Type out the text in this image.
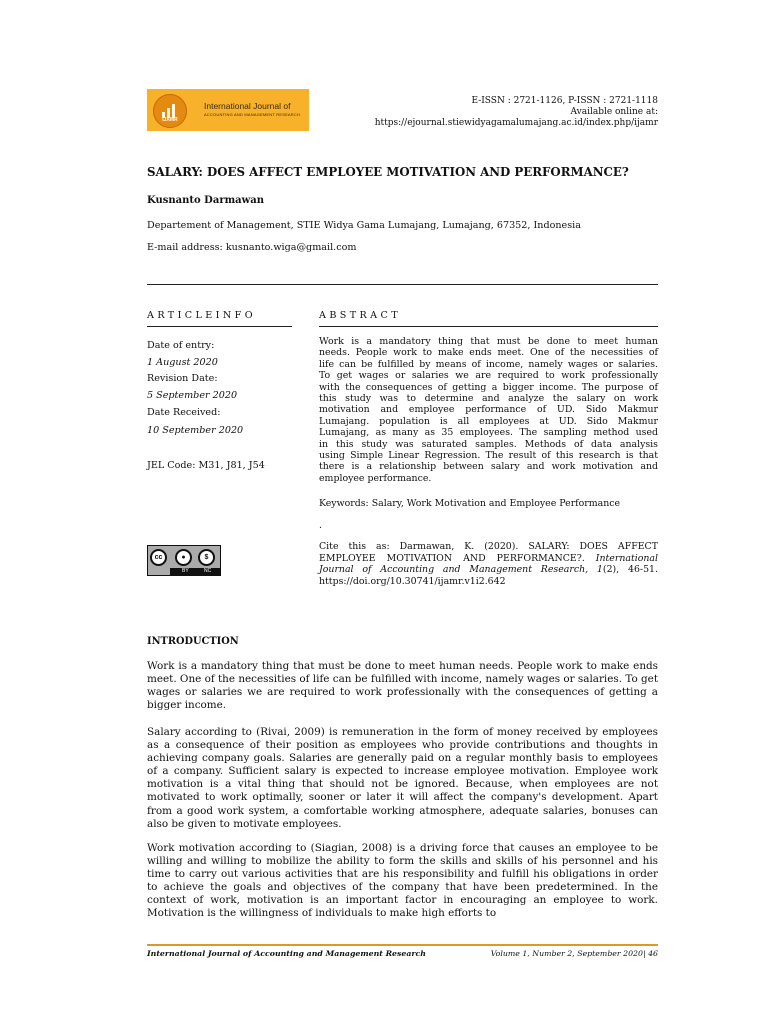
IJAMR
International Journal of
ACCOUNTING AND MANAGEMENT RESEARCH
E-ISSN : 2721-1126, P-ISSN : 2721-1118
Available online at:
https://ejournal.stiewidyagamalumajang.ac.id/index.php/ijamr
SALARY: DOES AFFECT EMPLOYEE MOTIVATION AND PERFORMANCE?
Kusnanto Darmawan
Departement of Management, STIE Widya Gama Lumajang, Lumajang, 67352, Indonesia
E-mail address: kusnanto.wiga@gmail.com
ARTICLEINFO
Date of entry:
1 August 2020
Revision Date:
5 September 2020
Date Received:
10 September 2020
JEL Code: M31, J81, J54
ABSTRACT
Work is a mandatory thing that must be done to meet human
needs. People work to make ends meet. One of the necessities of
life can be fulfilled by means of income, namely wages or salaries.
To get wages or salaries we are required to work professionally
with the consequences of getting a bigger income. The purpose of
this study was to determine and analyze the salary on work
motivation and employee performance of UD. Sido Makmur
Lumajang. population is all employees at UD. Sido Makmur
Lumajang, as many as 35 employees. The sampling method used
in this study was saturated samples. Methods of data analysis
using Simple Linear Regression. The result of this research is that
there is a relationship between salary and work motivation and
employee performance.
Keywords: Salary, Work Motivation and Employee Performance
.
cc	●	$
BY	NC
Cite this as: Darmawan, K. (2020). SALARY: DOES AFFECT EMPLOYEE MOTIVATION AND PERFORMANCE?. International Journal of Accounting and Management Research, 1(2), 46-51. https://doi.org/10.30741/ijamr.v1i2.642
INTRODUCTION
Work is a mandatory thing that must be done to meet human needs. People work to make ends meet. One of the necessities of life can be fulfilled with income, namely wages or salaries. To get wages or salaries we are required to work professionally with the consequences of getting a bigger income.
Salary according to (Rivai, 2009) is remuneration in the form of money received by employees as a consequence of their position as employees who provide contributions and thoughts in achieving company goals. Salaries are generally paid on a regular monthly basis to employees of a company. Sufficient salary is expected to increase employee motivation. Employee work motivation is a vital thing that should not be ignored. Because, when employees are not motivated to work optimally, sooner or later it will affect the company's development. Apart from a good work system, a comfortable working atmosphere, adequate salaries, bonuses can also be given to motivate employees.
Work motivation according to (Siagian, 2008) is a driving force that causes an employee to be willing and willing to mobilize the ability to form the skills and skills of his personnel and his time to carry out various activities that are his responsibility and fulfill his obligations in order to achieve the goals and objectives of the company that have been predetermined. In the context of work, motivation is an important factor in encouraging an employee to work. Motivation is the willingness of individuals to make high efforts to
International Journal of Accounting and Management Research	Volume 1, Number 2, September 2020| 46
